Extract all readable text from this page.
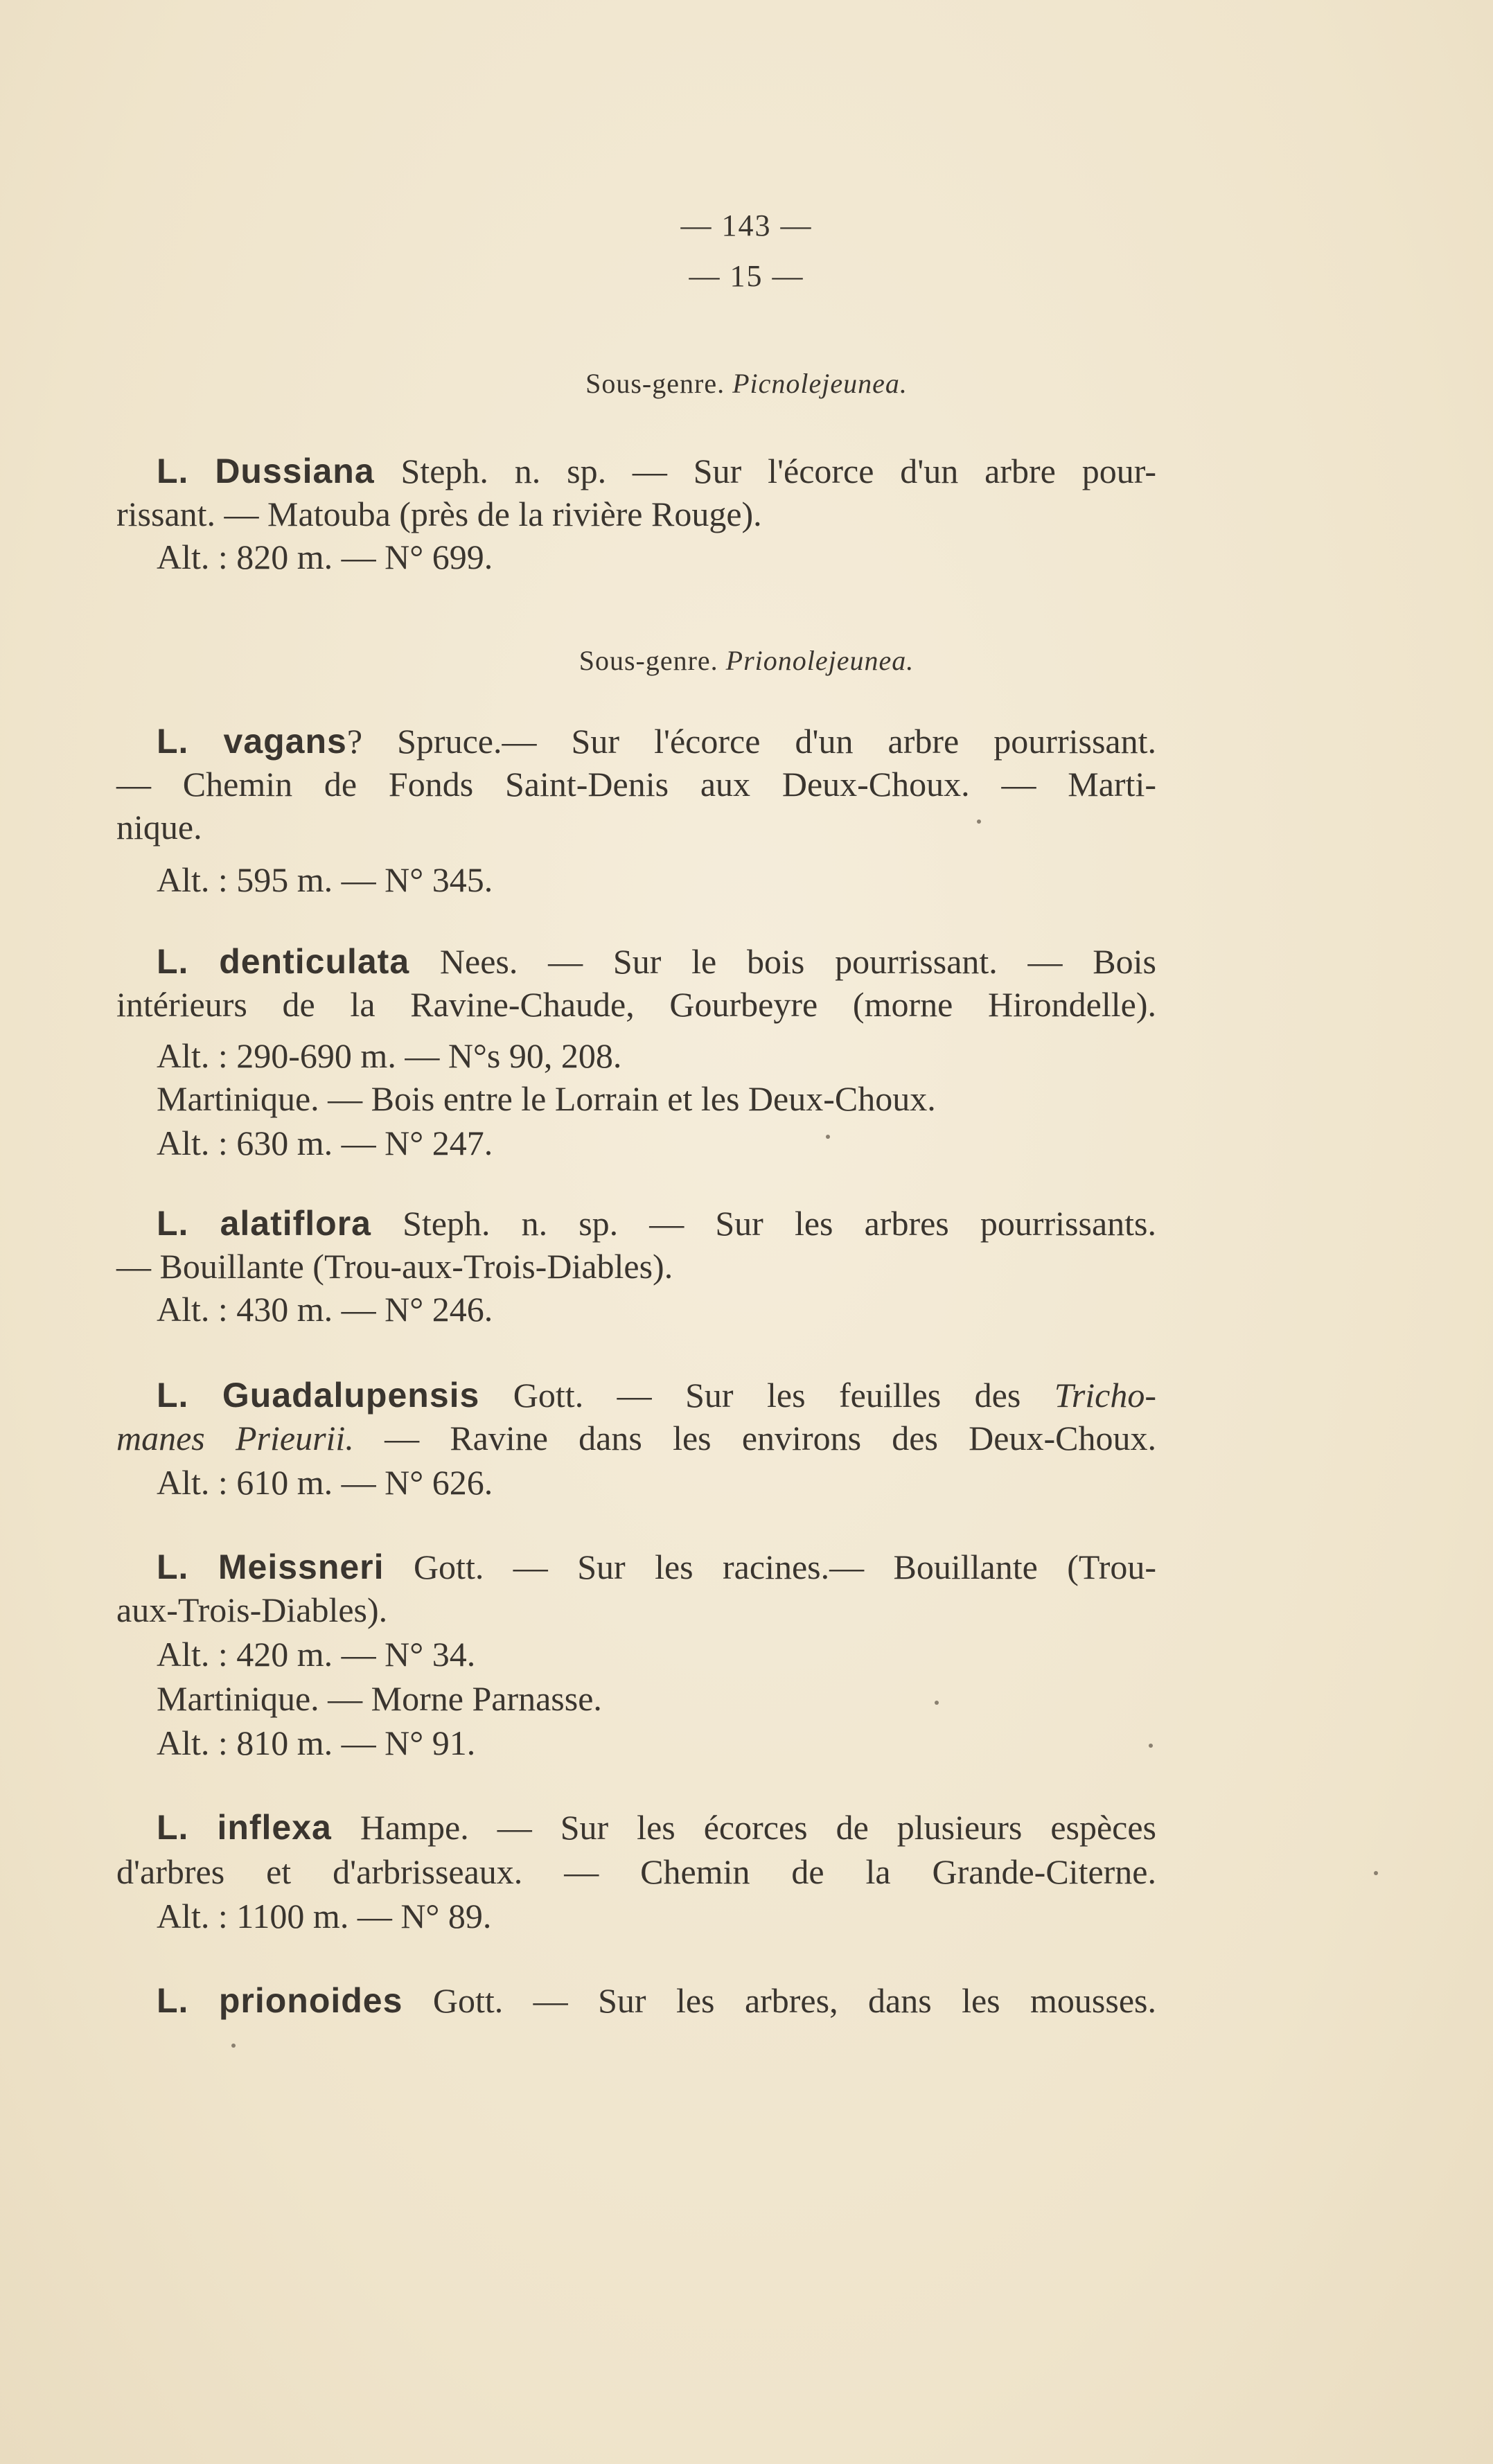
— 143 —
— 15 —
Sous-genre. Picnolejeunea.
L. Dussiana Steph. n. sp. — Sur l'écorce d'un arbre pour-
rissant. — Matouba (près de la rivière Rouge).
Alt. : 820 m. — N° 699.
Sous-genre. Prionolejeunea.
L. vagans? Spruce.— Sur l'écorce d'un arbre pourrissant.
— Chemin de Fonds Saint-Denis aux Deux-Choux. — Marti-
nique.
Alt. : 595 m. — N° 345.
L. denticulata Nees. — Sur le bois pourrissant. — Bois
intérieurs de la Ravine-Chaude, Gourbeyre (morne Hirondelle).
Alt. : 290-690 m. — N°s 90, 208.
Martinique. — Bois entre le Lorrain et les Deux-Choux.
Alt. : 630 m. — N° 247.
L. alatiflora Steph. n. sp. — Sur les arbres pourrissants.
— Bouillante (Trou-aux-Trois-Diables).
Alt. : 430 m. — N° 246.
L. Guadalupensis Gott. — Sur les feuilles des Tricho-
manes Prieurii. — Ravine dans les environs des Deux-Choux.
Alt. : 610 m. — N° 626.
L. Meissneri Gott. — Sur les racines.— Bouillante (Trou-
aux-Trois-Diables).
Alt. : 420 m. — N° 34.
Martinique. — Morne Parnasse.
Alt. : 810 m. — N° 91.
L. inflexa Hampe. — Sur les écorces de plusieurs espèces
d'arbres et d'arbrisseaux. — Chemin de la Grande-Citerne.
Alt. : 1100 m. — N° 89.
L. prionoides Gott. — Sur les arbres, dans les mousses.
